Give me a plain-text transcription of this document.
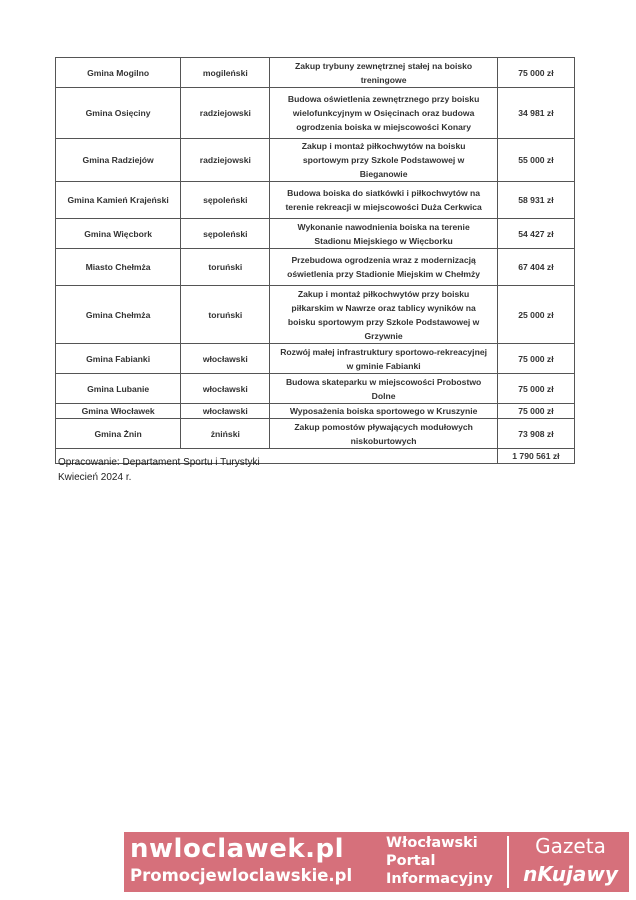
Gmina Mogilno	mogileński	Zakup trybuny zewnętrznej stałej na boisko
treningowe	75 000 zł
Gmina Osięciny	radziejowski	Budowa oświetlenia zewnętrznego przy boisku
wielofunkcyjnym w Osięcinach oraz budowa
ogrodzenia boiska w miejscowości Konary	34 981 zł
Gmina Radziejów	radziejowski	Zakup i montaż piłkochwytów na boisku
sportowym przy Szkole Podstawowej w
Bieganowie	55 000 zł
Gmina Kamień Krajeński	sępoleński	Budowa boiska do siatkówki i piłkochwytów na
terenie rekreacji w miejscowości Duża Cerkwica	58 931 zł
Gmina Więcbork	sępoleński	Wykonanie nawodnienia boiska na terenie
Stadionu Miejskiego w Więcborku	54 427 zł
Miasto Chełmża	toruński	Przebudowa ogrodzenia wraz z modernizacją
oświetlenia przy Stadionie Miejskim w Chełmży	67 404 zł
Gmina Chełmża	toruński	Zakup i montaż piłkochwytów przy boisku
piłkarskim w Nawrze oraz tablicy wyników na
boisku sportowym przy Szkole Podstawowej w
Grzywnie	25 000 zł
Gmina Fabianki	włocławski	Rozwój małej infrastruktury sportowo-rekreacyjnej
w gminie Fabianki	75 000 zł
Gmina Lubanie	włocławski	Budowa skateparku w miejscowości Probostwo
Dolne	75 000 zł
Gmina Włocławek	włocławski	Wyposażenia boiska sportowego w Kruszynie	75 000 zł
Gmina Żnin	żniński	Zakup pomostów pływających modułowych
niskoburtowych	73 908 zł
			1 790 561 zł
Opracowanie: Departament Sportu i Turystyki
Kwiecień 2024 r.
nwloclawek.pl
Promocjewloclawskie.pl
Włocławski
Portal
Informacyjny
Gazeta
nKujawy
